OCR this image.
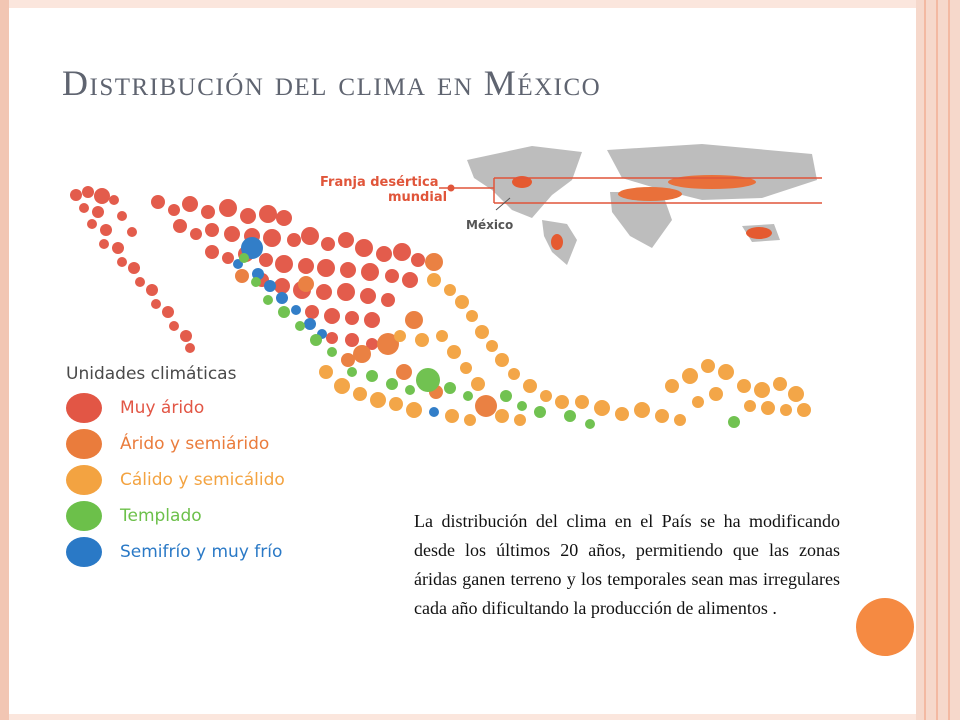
Distribución del clima en México
Franja desértica
mundial
México
Unidades climáticas
Muy árido
Árido y semiárido
Cálido y semicálido
Templado
Semifrío y muy frío

La distribución del clima en el País se ha modificando desde los últimos 20 años, permitiendo que las zonas áridas ganen terreno y los temporales sean mas irregulares cada año dificultando la producción de alimentos .
